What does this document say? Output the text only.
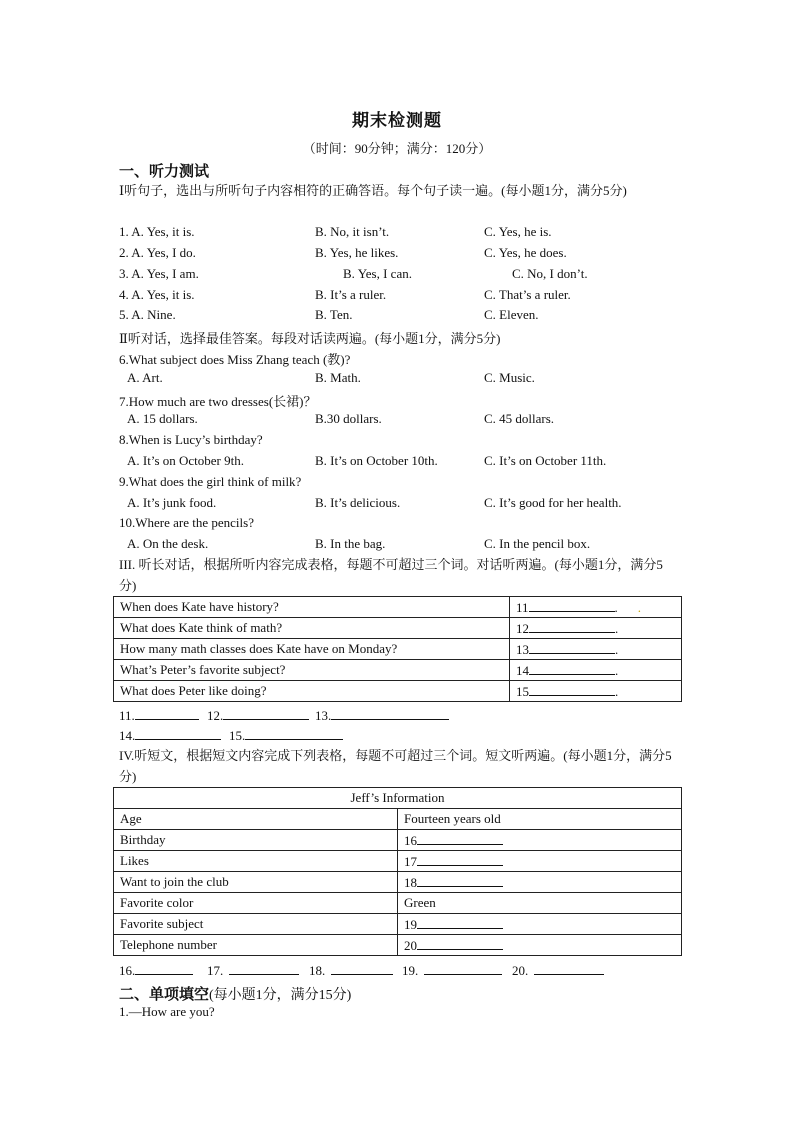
期末检测题
（时间：90分钟；满分：120分）
一、听力测试
Ⅰ听句子，选出与所听句子内容相符的正确答语。每个句子读一遍。(每小题1分，满分5分)
1. A. Yes, it is.	B. No, it isn’t.	C. Yes, he is.
2. A. Yes, I do.	B. Yes, he likes.	C. Yes, he does.
3. A. Yes, I am.	B. Yes, I can.	C. No, I don’t.
4. A. Yes, it is.	B. It’s a ruler.	C. That’s a ruler.
5. A. Nine.	B. Ten.	C. Eleven.
Ⅱ听对话，选择最佳答案。每段对话读两遍。(每小题1分，满分5分)
6.What subject does Miss Zhang teach (教)?
A. Art.	B. Math.	C. Music.
7.How much are two dresses(长裙)？
A. 15 dollars.	B.30 dollars.	C. 45 dollars.
8.When is Lucy’s birthday?
A. It’s on October 9th.	B. It’s on October 10th.	C. It’s on October 11th.
9.What does the girl think of milk?
A. It’s junk food.	B. It’s delicious.	C. It’s good for her health.
10.Where are the pencils?
A. On the desk.	B. In the bag.	C. In the pencil box.
III. 听长对话，根据所听内容完成表格，每题不可超过三个词。对话听两遍。(每小题1分，满分5分)
When does Kate have history?	11 . .
What does Kate think of math?	12 .
How many math classes does Kate have on Monday?	13 .
What’s Peter’s favorite subject?	14 .
What does Peter like doing?	15 .
11.	12.	13.
14.	15.
IV.听短文，根据短文内容完成下列表格，每题不可超过三个词。短文听两遍。(每小题1分，满分5分)
Jeff’s Information	
Age	Fourteen years old
Birthday	16
Likes	17
Want to join the club	18
Favorite color	Green
Favorite subject	19
Telephone number	20
16.	17.	18.	19.	20.
二、单项填空(每小题1分，满分15分)
1.—How are you?
